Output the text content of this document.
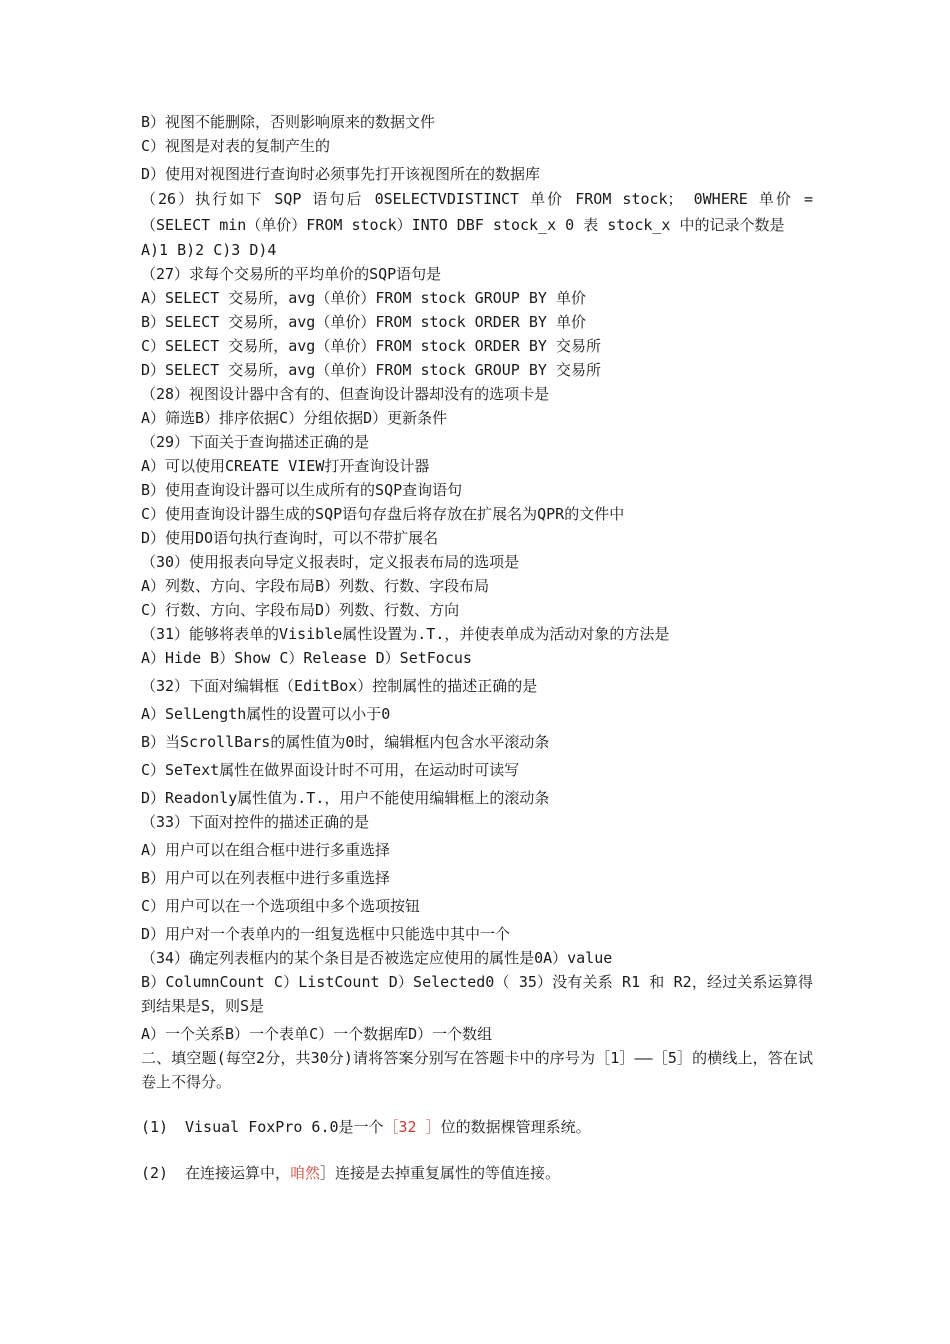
B）视图不能删除，否则影响原来的数据文件
C）视图是对表的复制产生的
D）使用对视图进行查询时必须事先打开该视图所在的数据库
（26）执行如下 SQP 语句后 0SELECTVDISTINCT 单价 FROM stock； 0WHERE 单价 =（SELECT min（单价）FROM stock）INTO DBF stock_x 0 表 stock_x 中的记录个数是
A)1 B)2 C)3 D)4
（27）求每个交易所的平均单价的SQP语句是
A）SELECT 交易所，avg（单价）FROM stock GROUP BY 单价
B）SELECT 交易所，avg（单价）FROM stock ORDER BY 单价
C）SELECT 交易所，avg（单价）FROM stock ORDER BY 交易所
D）SELECT 交易所，avg（单价）FROM stock GROUP BY 交易所
（28）视图设计器中含有的、但查询设计器却没有的选项卡是
A）筛选B）排序依据C）分组依据D）更新条件
（29）下面关于查询描述正确的是
A）可以使用CREATE VIEW打开查询设计器
B）使用查询设计器可以生成所有的SQP查询语句
C）使用查询设计器生成的SQP语句存盘后将存放在扩展名为QPR的文件中
D）使用DO语句执行查询时，可以不带扩展名
（30）使用报表向导定义报表时，定义报表布局的选项是
A）列数、方向、字段布局B）列数、行数、字段布局
C）行数、方向、字段布局D）列数、行数、方向
（31）能够将表单的Visible属性设置为.T.，并使表单成为活动对象的方法是
A）Hide B）Show C）Release D）SetFocus
（32）下面对编辑框（EditBox）控制属性的描述正确的是
A）SelLength属性的设置可以小于0
B）当ScrollBars的属性值为0时，编辑框内包含水平滚动条
C）SeText属性在做界面设计时不可用，在运动时可读写
D）Readonly属性值为.T.，用户不能使用编辑框上的滚动条
（33）下面对控件的描述正确的是
A）用户可以在组合框中进行多重选择
B）用户可以在列表框中进行多重选择
C）用户可以在一个选项组中多个选项按钮
D）用户对一个表单内的一组复选框中只能选中其中一个
（34）确定列表框内的某个条目是否被选定应使用的属性是0A）value
B）ColumnCount C）ListCount D）Selected0（ 35）没有关系 R1 和 R2，经过关系运算得到结果是S，则S是
A）一个关系B）一个表单C）一个数据库D）一个数组
二、填空题(每空2分，共30分)请将答案分别写在答题卡中的序号为［1］——［5］的横线上，答在试卷上不得分。
(1) Visual FoxPro 6.0是一个［32 ］位的数据棵管理系统。
(2) 在连接运算中，咱然］连接是去掉重复属性的等值连接。
